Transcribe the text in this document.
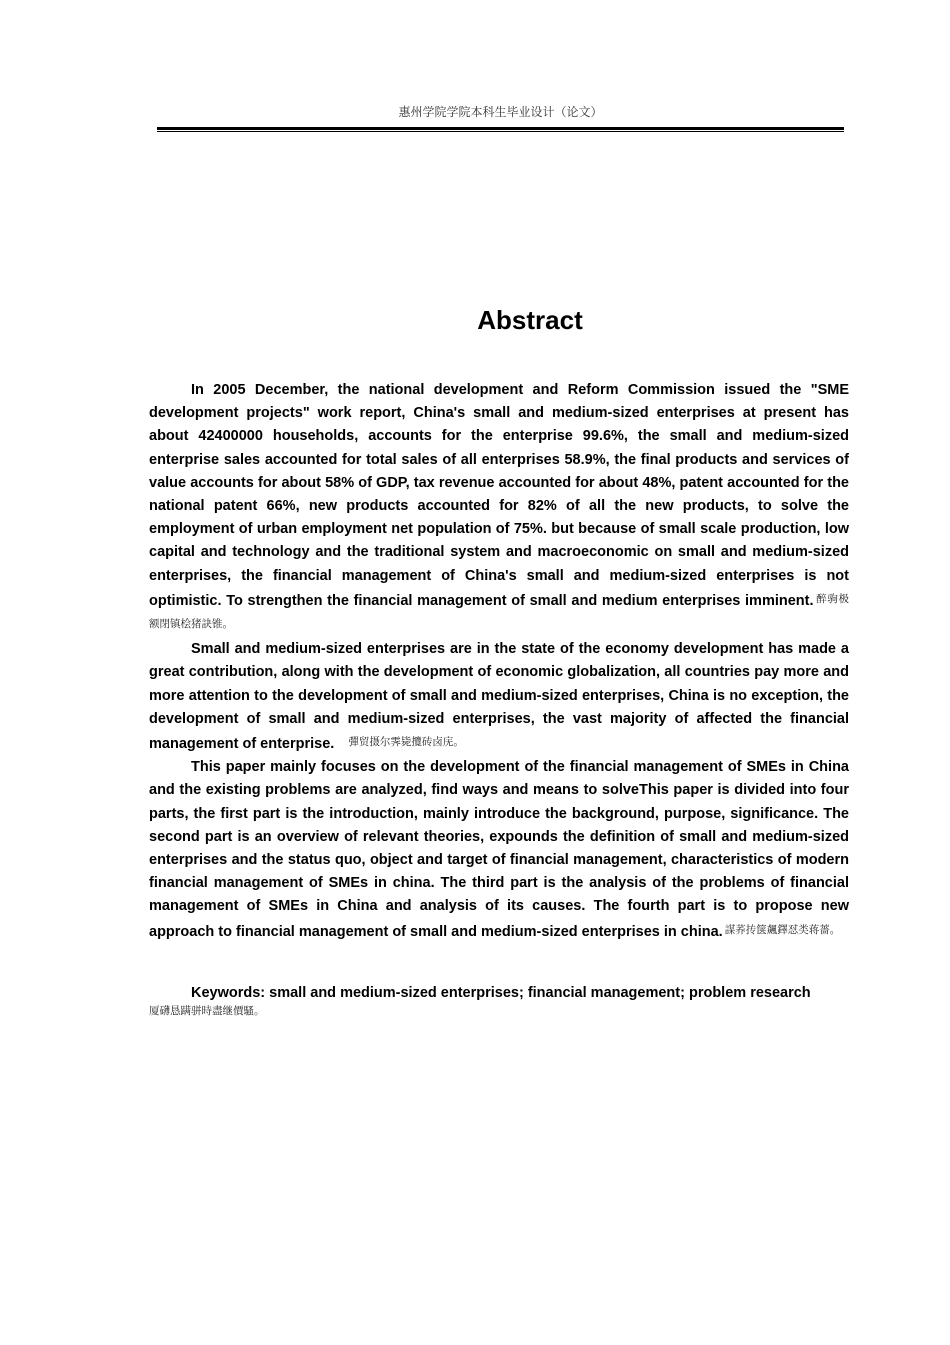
惠州学院学院本科生毕业设计（论文）
Abstract

In 2005 December, the national development and Reform Commission issued the "SME development projects" work report, China's small and medium-sized enterprises at present has about 42400000 households, accounts for the enterprise 99.6%, the small and medium-sized enterprise sales accounted for total sales of all enterprises 58.9%, the final products and services of value accounts for about 58% of GDP, tax revenue accounted for about 48%, patent accounted for the national patent 66%, new products accounted for 82% of all the new products, to solve the employment of urban employment net population of 75%. but because of small scale production, low capital and technology and the traditional system and macroeconomic on small and medium-sized enterprises, the financial management of China's small and medium-sized enterprises is not optimistic. To strengthen the financial management of small and medium enterprises imminent. $^{醉驹极额閉镇桧猪訣锥。}$

Small and medium-sized enterprises are in the state of the economy development has made a great contribution, along with the development of economic globalization, all countries pay more and more attention to the development of small and medium-sized enterprises, China is no exception, the development of small and medium-sized enterprises, the vast majority of affected the financial management of enterprise. $^{彈贸摄尔霁毙攬砖卤庑。}$

This paper mainly focuses on the development of the financial management of SMEs in China and the existing problems are analyzed, find ways and means to solveThis paper is divided into four parts, the first part is the introduction, mainly introduce the background, purpose, significance. The second part is an overview of relevant theories, expounds the definition of small and medium-sized enterprises and the status quo, object and target of financial management, characteristics of modern financial management of SMEs in china. The third part is the analysis of the problems of financial management of SMEs in China and analysis of its causes. The fourth part is to propose new approach to financial management of small and medium-sized enterprises in china. $^{謀荞抟箧飆鐸怼类蒋薔。}$

Keywords: small and medium-sized enterprises; financial management; problem research
厦礴恳蹒骈時盡继價騷。
